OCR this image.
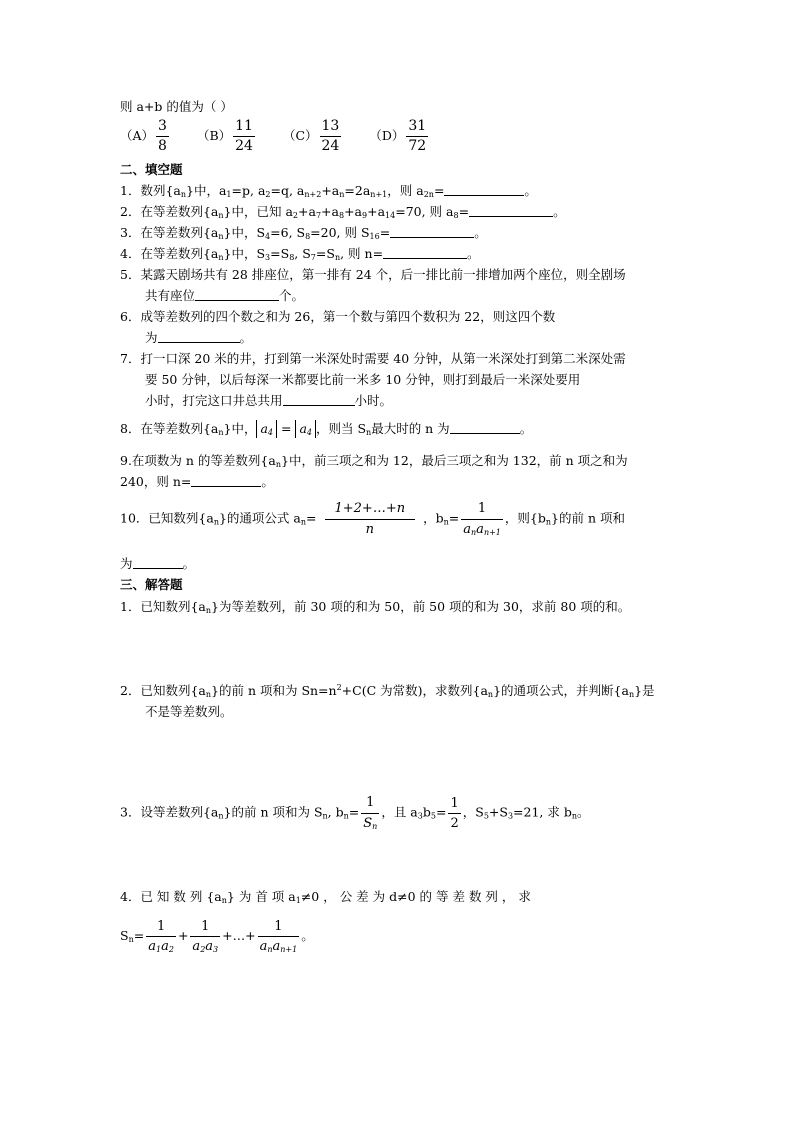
则 a+b 的值为（ ）
$(A) \frac{3}{8} (B) \frac{11}{24} (C) \frac{13}{24} (D) \frac{31}{72}$
二、填空题
1．数列$\{a_n\}$中，$a_1=p$, $a_2=q$, $a_{n+2}+a_n=2a_{n+1}$，则 $a_{2n}=$	。
2．在等差数列$\{a_n\}$中，已知 $a_2+a_7+a_8+a_9+a_{14}=70$, 则 $a_8=$	。
3．在等差数列$\{a_n\}$中，$S_4=6$, $S_8=20$, 则 $S_{16}=$	。
4．在等差数列$\{a_n\}$中，$S_3=S_8$, $S_7=S_n$, 则 n=	。
5．某露天剧场共有 28 排座位，第一排有 24 个，后一排比前一排增加两个座位，则全剧场
共有座位	个。
6．成等差数列的四个数之和为 26，第一个数与第四个数积为 22，则这四个数
为	。
7．打一口深 20 米的井，打到第一米深处时需要 40 分钟，从第一米深处打到第二米深处需
要 50 分钟，以后每深一米都要比前一米多 10 分钟，则打到最后一米深处要用
小时，打完这口井总共用	小时。
8．在等差数列$\{a_n\}$中， $a_4 = a_4$ ，则当 $S_n$最大时的 n 为	。
9.在项数为 n 的等差数列$\{a_n\}$中，前三项之和为 12，最后三项之和为 132，前 n 项之和为
240，则 n=	。
10．已知数列$\{a_n\}$的通项公式 $a_n= \frac{1+2+\dots+n}{n}$ ，$b_n= \frac{1}{a_na_{n+1}}$ ，则$\{b_n\}$的前 n 项和
为	。
三、解答题
1．已知数列$\{a_n\}$为等差数列，前 30 项的和为 50，前 50 项的和为 30，求前 80 项的和。
2．已知数列$\{a_n\}$的前 n 项和为 $Sn=n^2+C(C$ 为常数)，求数列$\{a_n\}$的通项公式，并判断$\{a_n\}$是
不是等差数列。
3．设等差数列$\{a_n\}$的前 n 项和为 $S_n$, $b_n= \frac{1}{S_n}$ ，且 $a_3b_5= \frac{1}{2}$ ，$S_5+S_3=21$, 求 $b_n$。
4．已 知 数 列 $\{a_n\}$ 为 首 项 $a_1\ne 0$ ， 公 差 为 d≠0 的 等 差 数 列 ， 求
$S_n= \frac{1}{a_1a_2} + \frac{1}{a_2a_3}$ +…+ $\frac{1}{a_na_{n+1}}$ 。
